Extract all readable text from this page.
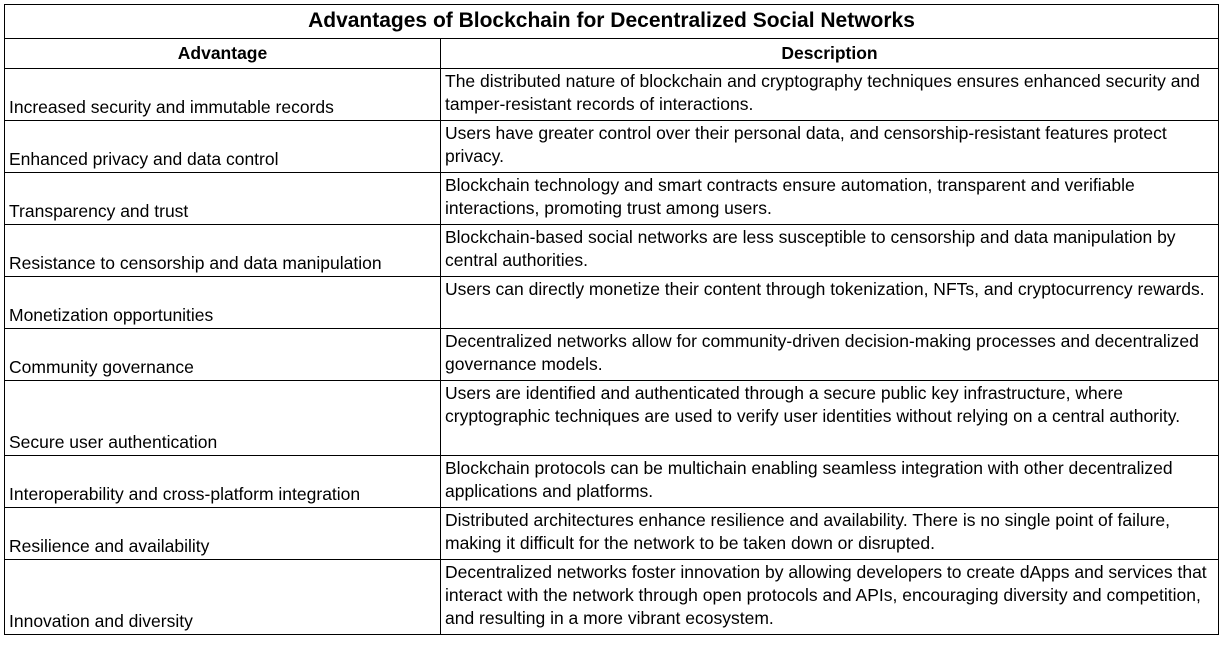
Advantages of Blockchain for Decentralized Social Networks	
Advantage	Description
Increased security and immutable records	The distributed nature of blockchain and cryptography techniques ensures enhanced security and tamper-resistant records of interactions.
Enhanced privacy and data control	Users have greater control over their personal data, and censorship-resistant features protect privacy.
Transparency and trust	Blockchain technology and smart contracts ensure automation, transparent and verifiable interactions, promoting trust among users.
Resistance to censorship and data manipulation	Blockchain-based social networks are less susceptible to censorship and data manipulation by central authorities.
Monetization opportunities	Users can directly monetize their content through tokenization, NFTs, and cryptocurrency rewards.
Community governance	Decentralized networks allow for community-driven decision-making processes and decentralized governance models.
Secure user authentication	Users are identified and authenticated through a secure public key infrastructure, where cryptographic techniques are used to verify user identities without relying on a central authority.
Interoperability and cross-platform integration	Blockchain protocols can be multichain enabling seamless integration with other decentralized applications and platforms.
Resilience and availability	Distributed architectures enhance resilience and availability. There is no single point of failure, making it difficult for the network to be taken down or disrupted.
Innovation and diversity	Decentralized networks foster innovation by allowing developers to create dApps and services that interact with the network through open protocols and APIs, encouraging diversity and competition, and resulting in a more vibrant ecosystem.
